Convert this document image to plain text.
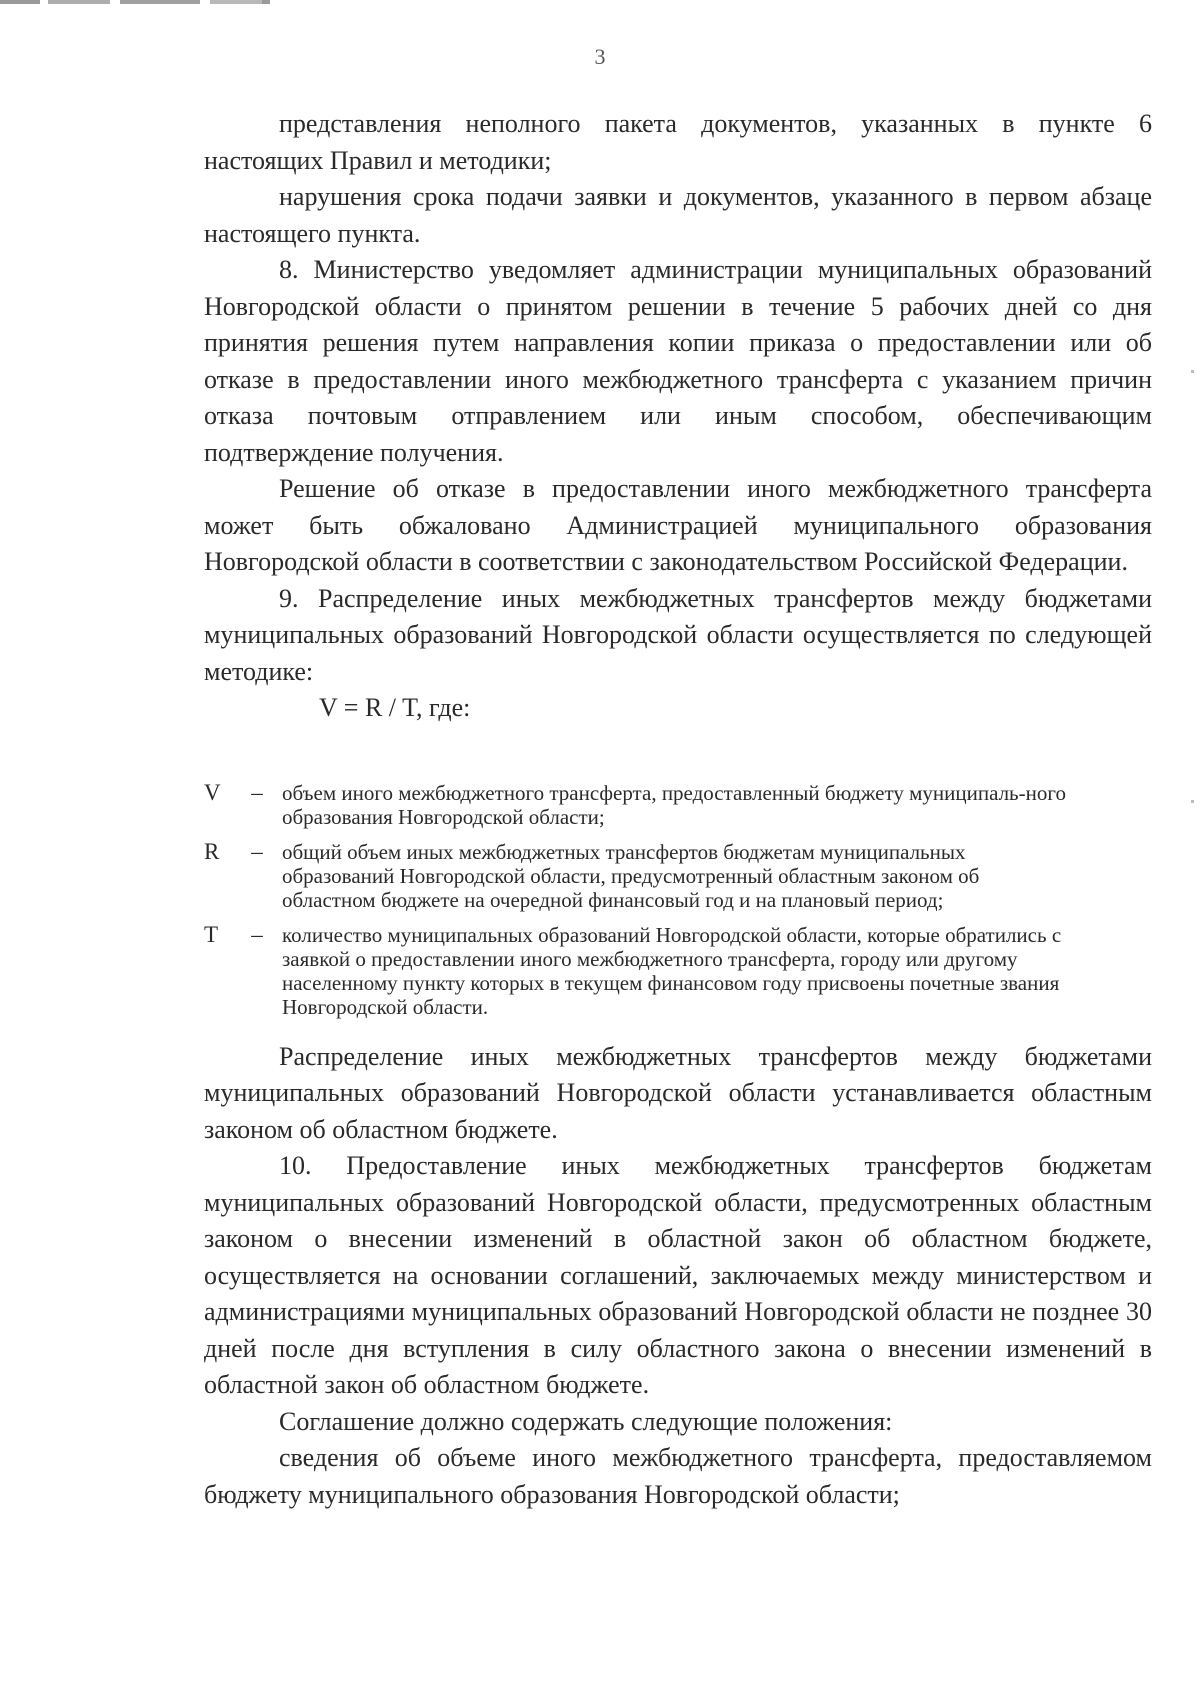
3

представления неполного пакета документов, указанных в пункте 6 настоящих Правил и методики;

нарушения срока подачи заявки и документов, указанного в первом абзаце настоящего пункта.

8. Министерство уведомляет администрации муниципальных образований Новгородской области о принятом решении в течение 5 рабочих дней со дня принятия решения путем направления копии приказа о предоставлении или об отказе в предоставлении иного межбюджетного трансферта с указанием причин отказа почтовым отправлением или иным способом, обеспечивающим подтверждение получения.

Решение об отказе в предоставлении иного межбюджетного трансферта может быть обжаловано Администрацией муниципального образования Новгородской области в соответствии с законодательством Российской Федерации.

9. Распределение иных межбюджетных трансфертов между бюджетами муниципальных образований Новгородской области осуществляется по следующей методике:

V = R / T, где:

V	– объем иного межбюджетного трансферта, предоставленный бюджету муниципаль-ного образования Новгородской области;
R	– общий объем иных межбюджетных трансфертов бюджетам муниципальных образований Новгородской области, предусмотренный областным законом об областном бюджете на очередной финансовый год и на плановый период;
T	– количество муниципальных образований Новгородской области, которые обратились с заявкой о предоставлении иного межбюджетного трансферта, городу или другому населенному пункту которых в текущем финансовом году присвоены почетные звания Новгородской области.

Распределение иных межбюджетных трансфертов между бюджетами муниципальных образований Новгородской области устанавливается областным законом об областном бюджете.

10. Предоставление иных межбюджетных трансфертов бюджетам муниципальных образований Новгородской области, предусмотренных областным законом о внесении изменений в областной закон об областном бюджете, осуществляется на основании соглашений, заключаемых между министерством и администрациями муниципальных образований Новгородской области не позднее 30 дней после дня вступления в силу областного закона о внесении изменений в областной закон об областном бюджете.

Соглашение должно содержать следующие положения:

сведения об объеме иного межбюджетного трансферта, предоставляемом бюджету муниципального образования Новгородской области;
